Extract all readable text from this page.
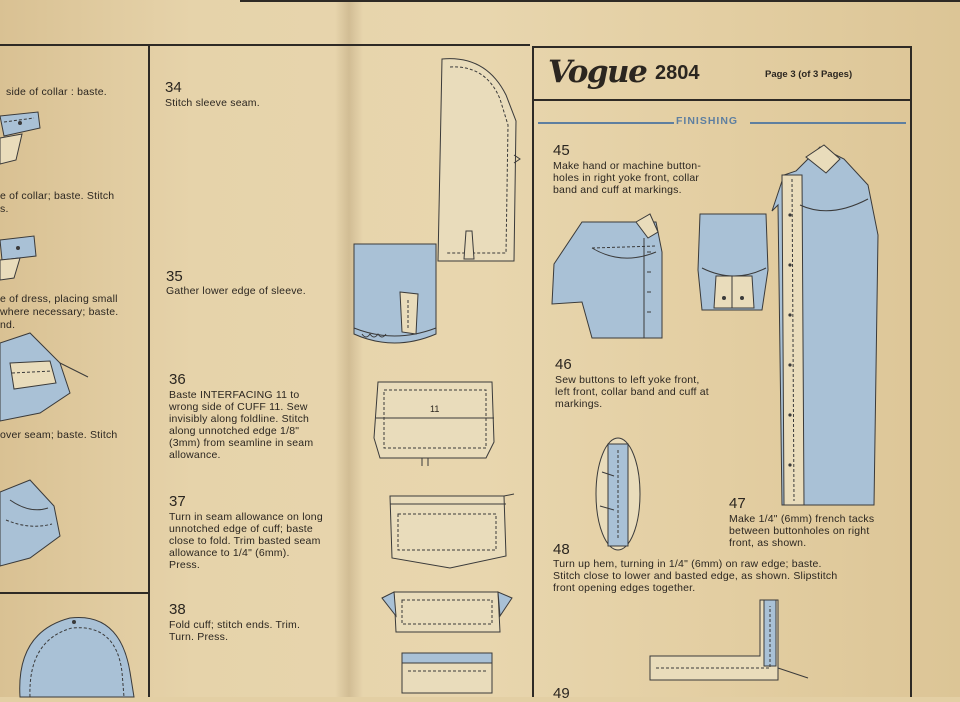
Vogue 2804	Page 3 (of 3 Pages)
FINISHING
side of collar : baste.
e of collar; baste. Stitch
s.
e of dress, placing small
where necessary; baste.
nd.
over seam; baste. Stitch
34
Stitch sleeve seam.
35
Gather lower edge of sleeve.
36
Baste INTERFACING 11 to
wrong side of CUFF 11. Sew
invisibly along foldline. Stitch
along unnotched edge 1/8"
(3mm) from seamline in seam
allowance.
37
Turn in seam allowance on long
unnotched edge of cuff; baste
close to fold. Trim basted seam
allowance to 1/4" (6mm).
Press.
38
Fold cuff; stitch ends. Trim.
Turn. Press.
11
45
Make hand or machine button-
holes in right yoke front, collar
band and cuff at markings.
46
Sew buttons to left yoke front,
left front, collar band and cuff at
markings.
47
Make 1/4" (6mm) french tacks
between buttonholes on right
front, as shown.
48
Turn up hem, turning in 1/4" (6mm) on raw edge; baste.
Stitch close to lower and basted edge, as shown. Slipstitch
front opening edges together.
49
